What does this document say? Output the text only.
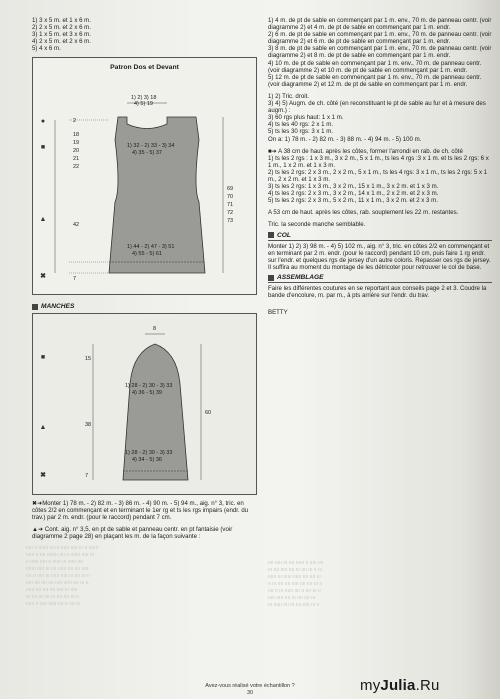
ııııı ıı ııııııı ııı ııı ıııııı ııııı ııı ıı ııııııı
ıııııı ıı ıııı ıııııııı ıııı ıı ııııııı ııııı ııı
ıı ıııııı ııııı ıı ıııııı ııı ıııııı ıııı
ııııııı ııııı ııı ıııı ıııııı ıııı ıııı ııııı
ıııı ıı ııııı ııı ıııııı ııııı ııı ıııı ııı ıı
ııııı ıııı ıııı ıııı ııııı ıııııı ıııı ııı ıı
ıııııı ıııı ıııı ıııı ııııı ııı ııııı
ııı ıııı ııı ıııı ııı ıııı ıııı ııı ıı
ıııııı ıı ııııı ıııııı ıııı ıı ıııı ııı
ıııı ııııı ııı ıııı ıııııı ıı ııııı ıııı
ııı ıııı ııııı ıııı ııı ıııı ııı ıı ııı
ıııııı ııı ıııııı ıııııı ıııı ıııı ııı
ıı ııı ıııı ıııı ııııı ıııı ıııı ııı ıı
ıııı ıı ııı ıııııı ıııı ıı ıııı ııı ıı
ııııı ııııı ıııı ııı ıııı ıııı ııı
ııı ıııııı ıııı ııı ıııı ııııı ııı ıı

1) 3 x 5 m. et 1 x 6 m.

2) 2 x 5 m. et 2 x 6 m.

3) 1 x 5 m. et 3 x 6 m.

4) 2 x 5 m. et 2 x 6 m.

5) 4 x 6 m.

Patron Dos et Devant
●
■
▲
✖
1) 2) 3) 18
4) 5) 19
2
18
19
20
21
22
42
7
1) 32 - 2) 33 - 3) 34
4) 35 - 5) 37
1) 44 - 2) 47 - 3) 51
4) 55 - 5) 61
69
70
71
72
73
MANCHES
■
▲
✖
8
15
38
7
60
1) 28 - 2) 30 - 3) 33
4) 36 - 5) 39
1) 28 - 2) 30 - 3) 33
4) 34 - 5) 36

✖➜Monter 1) 78 m. - 2) 82 m. - 3) 86 m. - 4) 90 m. - 5) 94 m., aig. n° 3, tric. en côtes 2/2 en commençant et en terminant le 1er rg et ts les rgs impairs (endr. du trav.) par 2 m. endr. (pour le raccord) pendant 7 cm.

▲➜ Cont. aig. n° 3,5, en pt de sable et panneau centr. en pt fantaisie (voir diagramme 2 page 28) en plaçant les m. de la façon suivante :

1) 4 m. de pt de sable en commençant par 1 m. env., 70 m. de panneau centr. (voir diagramme 2) et 4 m. de pt de sable en commençant par 1 m. endr.

2) 6 m. de pt de sable en commençant par 1 m. env., 70 m. de panneau centr. (voir diagramme 2) et 6 m. de pt de sable en commençant par 1 m. endr.

3) 8 m. de pt de sable en commençant par 1 m. env., 70 m. de panneau centr. (voir diagramme 2) et 8 m. de pt de sable en commençant par 1 m. endr.

4) 10 m. de pt de sable en commençant par 1 m. env., 70 m. de panneau centr. (voir diagramme 2) et 10 m. de pt de sable en commençant par 1 m. endr.

5) 12 m. de pt de sable en commençant par 1 m. env., 70 m. de panneau centr. (voir diagramme 2) et 12 m. de pt de sable en commençant par 1 m. endr.

1) 2) Tric. droit.

3) 4) 5) Augm. de ch. côté (en reconstituant le pt de sable au fur et à mesure des augm.) :

3) 60 rgs plus haut: 1 x 1 m.

4) ts les 40 rgs: 2 x 1 m.

5) ts les 30 rgs: 3 x 1 m.

On a: 1) 78 m. - 2) 82 m. - 3) 88 m. - 4) 94 m. - 5) 100 m.

■➜ A 38 cm de haut. après les côtes, former l'arrondi en rab. de ch. côté

1) ts les 2 rgs : 1 x 3 m., 3 x 2 m., 5 x 1 m., ts les 4 rgs :3 x 1 m. et ts les 2 rgs: 6 x 1 m., 1 x 2 m. et 1 x 3 m.

2) ts les 2 rgs: 2 x 3 m., 2 x 2 m., 5 x 1 m., ts les 4 rgs: 3 x 1 m., ts les 2 rgs: 5 x 1 m., 2 x 2 m. et 1 x 3 m.

3) ts les 2 rgs: 1 x 3 m., 3 x 2 m., 15 x 1 m., 3 x 2 m. et 1 x 3 m.

4) ts les 2 rgs: 2 x 3 m., 3 x 2 m., 14 x 1 m., 2 x 2 m. et 2 x 3 m.

5) ts les 2 rgs: 2 x 3 m., 5 x 2 m., 11 x 1 m., 3 x 2 m. et 2 x 3 m.

A 53 cm de haut. après les côtes, rab. souplement les 22 m. restantes.

Tric. la seconde manche semblable.

COL

Monter 1) 2) 3) 98 m. - 4) 5) 102 m., aig. n° 3, tric. en côtes 2/2 en commençant et en terminant par 2 m. endr. (pour le raccord) pendant 10 cm, puis faire 1 rg endr. sur l'endr. et quelques rgs de jersey d'un autre coloris. Repasser ces rgs de jersey. Il suffira au moment du montage de les détricoter pour retrouver le col de base.

ASSEMBLAGE

Faire les différentes coutures en se reportant aux conseils page 2 et 3. Coudre la bande d'encolure, m. par m., à pts arrière sur l'endr. du trav.

BETTY

Avez-vous réalisé votre échantillon ?
30	myJulia.Ru
